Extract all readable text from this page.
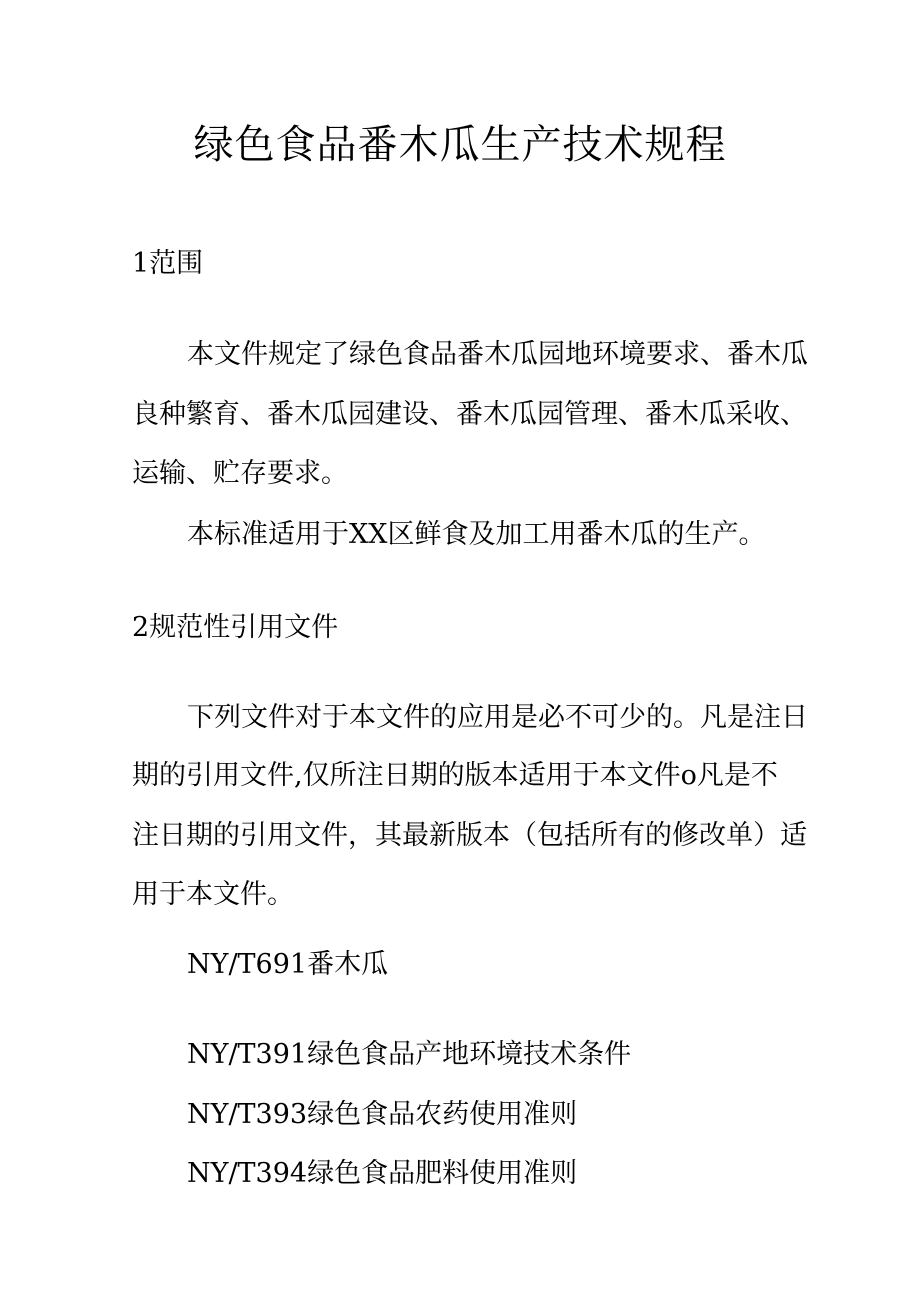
绿色食品番木瓜生产技术规程
1范围
本文件规定了绿色食品番木瓜园地环境要求、番木瓜
良种繁育、番木瓜园建设、番木瓜园管理、番木瓜采收、
运输、贮存要求。
本标准适用于XX区鲜食及加工用番木瓜的生产。
2规范性引用文件
下列文件对于本文件的应用是必不可少的。凡是注日
期的引用文件,仅所注日期的版本适用于本文件o凡是不
注日期的引用文件，其最新版本（包括所有的修改单）适
用于本文件。
NY/T691番木瓜
NY/T391绿色食品产地环境技术条件
NY/T393绿色食品农药使用准则
NY/T394绿色食品肥料使用准则
